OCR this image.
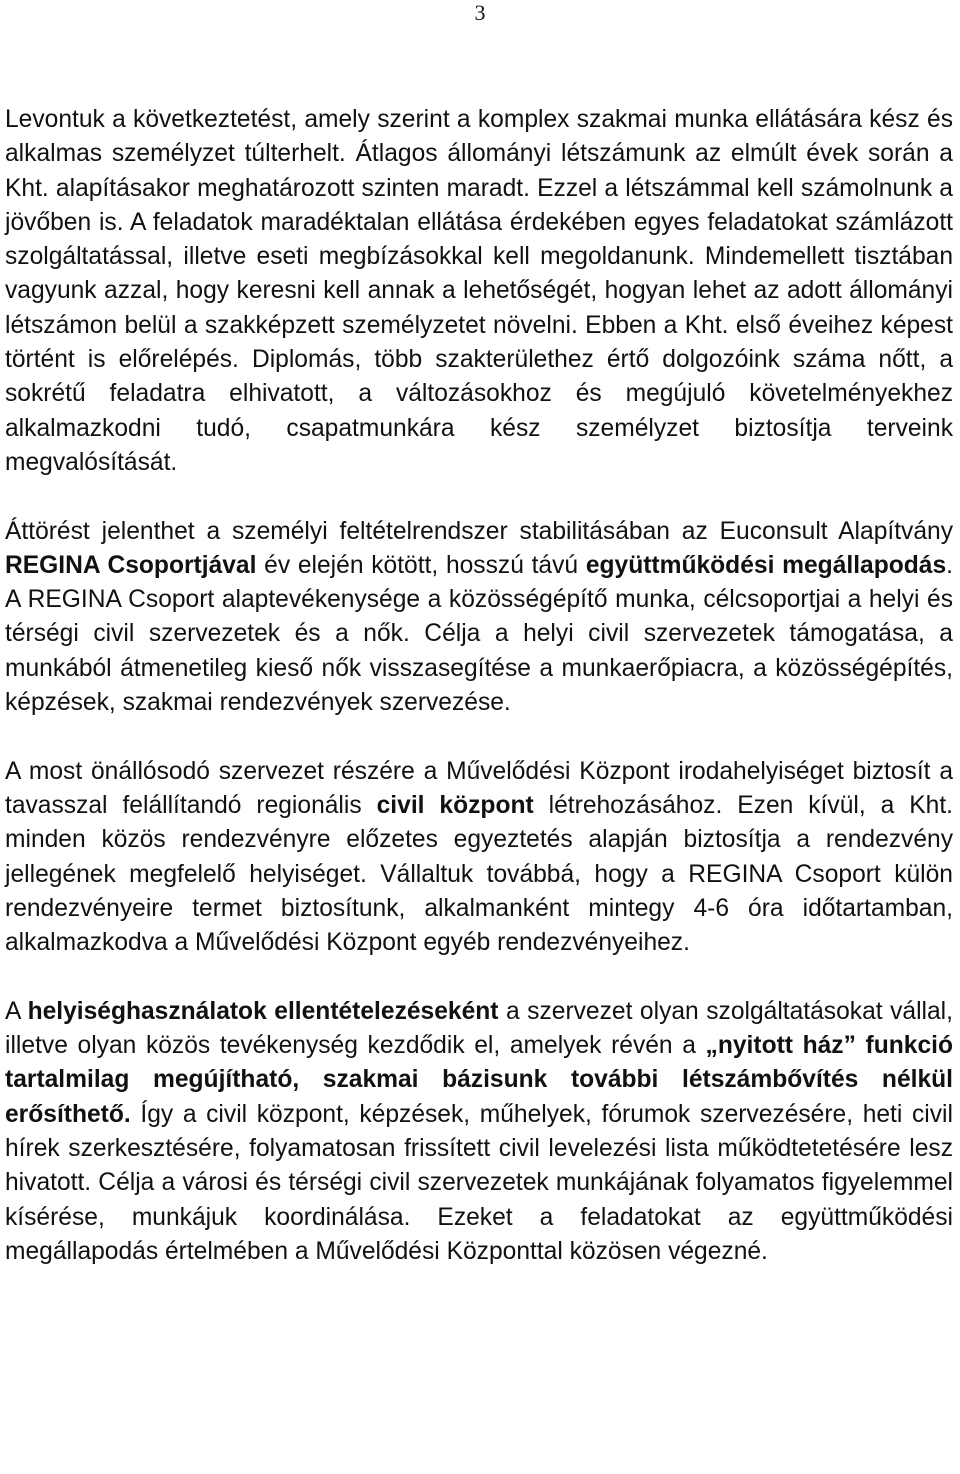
3

Levontuk a következtetést, amely szerint a komplex szakmai munka ellátására kész és alkalmas személyzet túlterhelt. Átlagos állományi létszámunk az elmúlt évek során a Kht. alapításakor meghatározott szinten maradt. Ezzel a létszámmal kell számolnunk a jövőben is. A feladatok maradéktalan ellátása érdekében egyes feladatokat számlázott szolgáltatással, illetve eseti megbízásokkal kell megoldanunk. Mindemellett tisztában vagyunk azzal, hogy keresni kell annak a lehetőségét, hogyan lehet az adott állományi létszámon belül a szakképzett személyzetet növelni. Ebben a Kht. első éveihez képest történt is előrelépés. Diplomás, több szakterülethez értő dolgozóink száma nőtt, a sokrétű feladatra elhivatott, a változásokhoz és megújuló követelményekhez alkalmazkodni tudó, csapatmunkára kész személyzet biztosítja terveink megvalósítását.

Áttörést jelenthet a személyi feltételrendszer stabilitásában az Euconsult Alapítvány REGINA Csoportjával év elején kötött, hosszú távú együttműködési megállapodás. A REGINA Csoport alaptevékenysége a közösségépítő munka, célcsoportjai a helyi és térségi civil szervezetek és a nők. Célja a helyi civil szervezetek támogatása, a munkából átmenetileg kieső nők visszasegítése a munkaerőpiacra, a közösségépítés, képzések, szakmai rendezvények szervezése.

A most önállósodó szervezet részére a Művelődési Központ irodahelyiséget biztosít a tavasszal felállítandó regionális civil központ létrehozásához. Ezen kívül, a Kht. minden közös rendezvényre előzetes egyeztetés alapján biztosítja a rendezvény jellegének megfelelő helyiséget. Vállaltuk továbbá, hogy a REGINA Csoport külön rendezvényeire termet biztosítunk, alkalmanként mintegy 4-6 óra időtartamban, alkalmazkodva a Művelődési Központ egyéb rendezvényeihez.

A helyiséghasználatok ellentételezéseként a szervezet olyan szolgáltatásokat vállal, illetve olyan közös tevékenység kezdődik el, amelyek révén a „nyitott ház” funkció tartalmilag megújítható, szakmai bázisunk további létszámbővítés nélkül erősíthető. Így a civil központ, képzések, műhelyek, fórumok szervezésére, heti civil hírek szerkesztésére, folyamatosan frissített civil levelezési lista működtetetésére lesz hivatott. Célja a városi és térségi civil szervezetek munkájának folyamatos figyelemmel kísérése, munkájuk koordinálása. Ezeket a feladatokat az együttműködési megállapodás értelmében a Művelődési Központtal közösen végezné.
